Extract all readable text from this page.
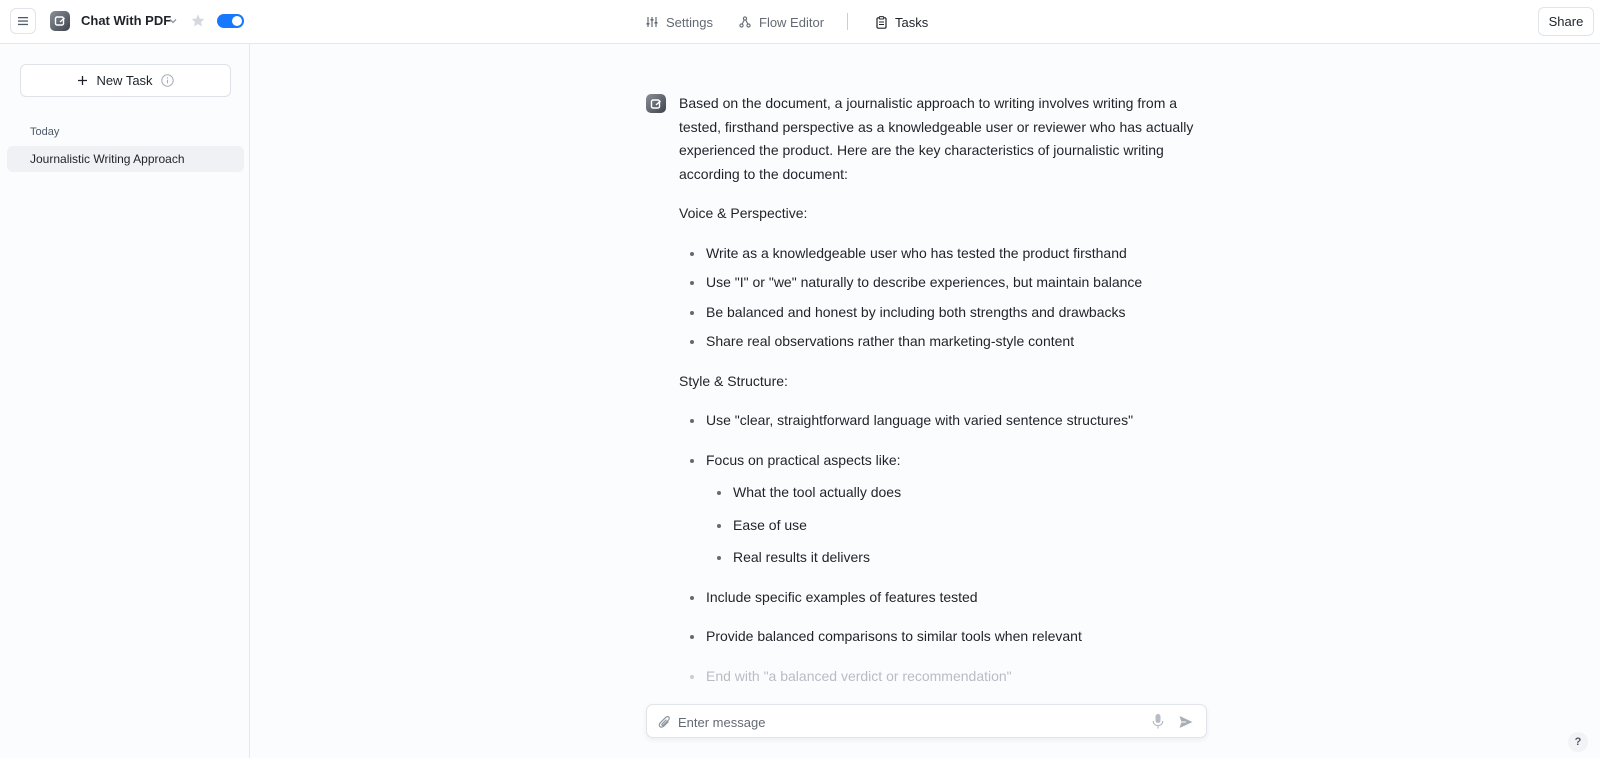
Chat With PDF	Settings	Flow Editor	Tasks	Share
New Task
Today
Journalistic Writing Approach

Based on the document, a journalistic approach to writing involves writing from a tested, firsthand perspective as a knowledgeable user or reviewer who has actually experienced the product. Here are the key characteristics of journalistic writing according to the document:

Voice & Perspective:

Write as a knowledgeable user who has tested the product firsthand
Use "I" or "we" naturally to describe experiences, but maintain balance
Be balanced and honest by including both strengths and drawbacks
Share real observations rather than marketing-style content

Style & Structure:

Use "clear, straightforward language with varied sentence structures"
Focus on practical aspects like:
What the tool actually does
Ease of use
Real results it delivers
Include specific examples of features tested
Provide balanced comparisons to similar tools when relevant
End with "a balanced verdict or recommendation"
Enter message
?
